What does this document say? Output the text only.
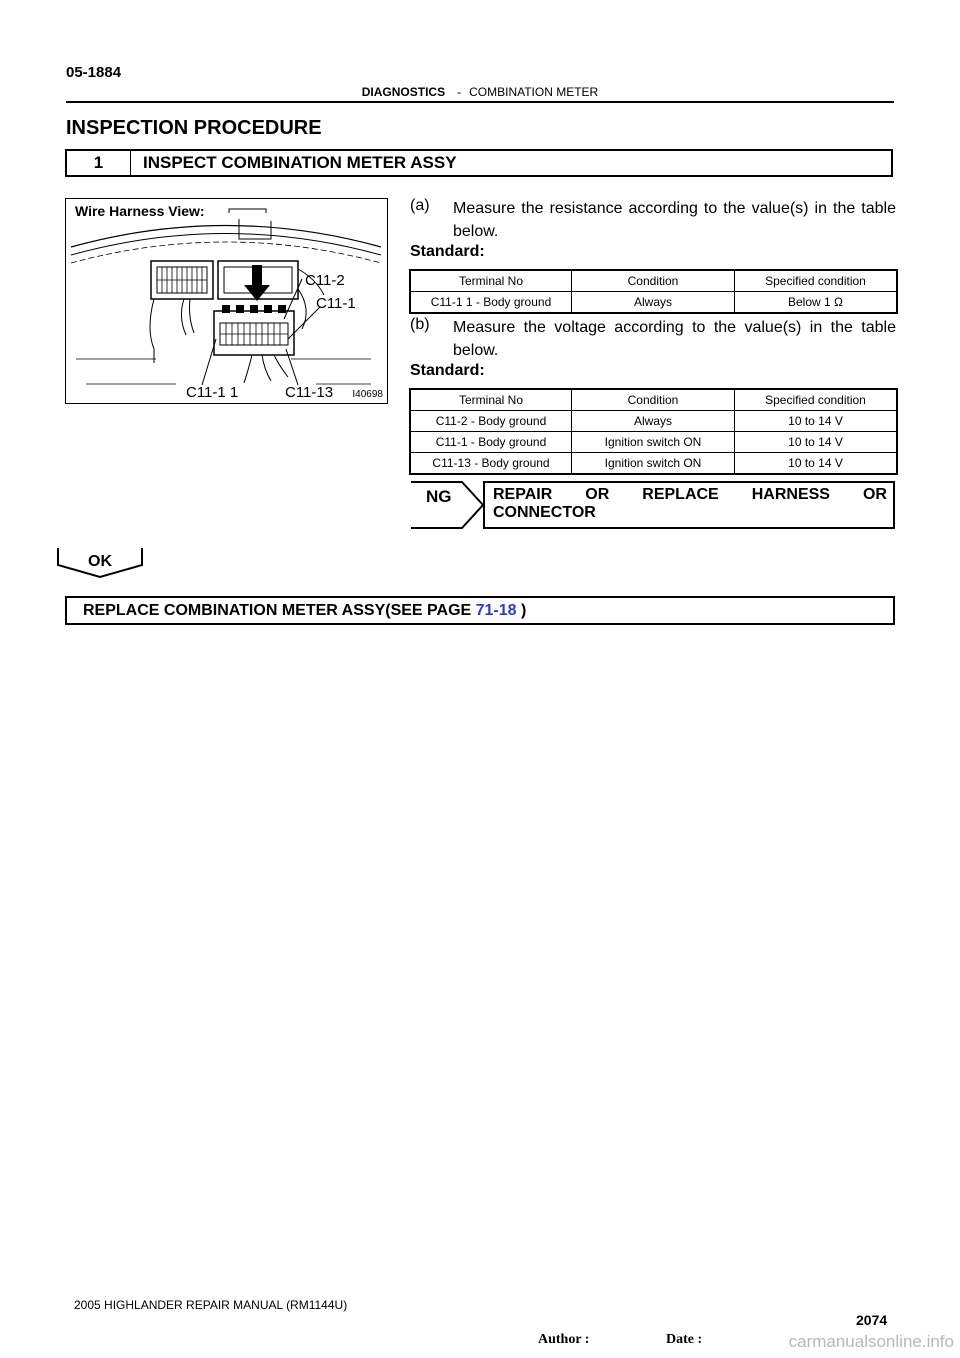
05-1884
DIAGNOSTICS - COMBINATION METER
INSPECTION PROCEDURE
1	INSPECT COMBINATION METER ASSY
Wire Harness View:
C11-2
C11-1
C11-1 1	C11-13 I40698
(a) Measure the resistance according to the value(s) in the table below.
Standard:
Terminal No	Condition	Specified condition
C11-1 1 - Body ground	Always	Below 1 Ω
(b) Measure the voltage according to the value(s) in the table below.
Standard:
Terminal No	Condition	Specified condition
C11-2 - Body ground	Always	10 to 14 V
C11-1 - Body ground	Ignition switch ON	10 to 14 V
C11-13 - Body ground	Ignition switch ON	10 to 14 V
NG	REPAIR OR REPLACE HARNESS OR
CONNECTOR
OK
REPLACE COMBINATION METER ASSY(SEE PAGE 71-18 )
2005 HIGHLANDER REPAIR MANUAL (RM1144U)
2074
Author :	Date :	carmanualsonline.info
